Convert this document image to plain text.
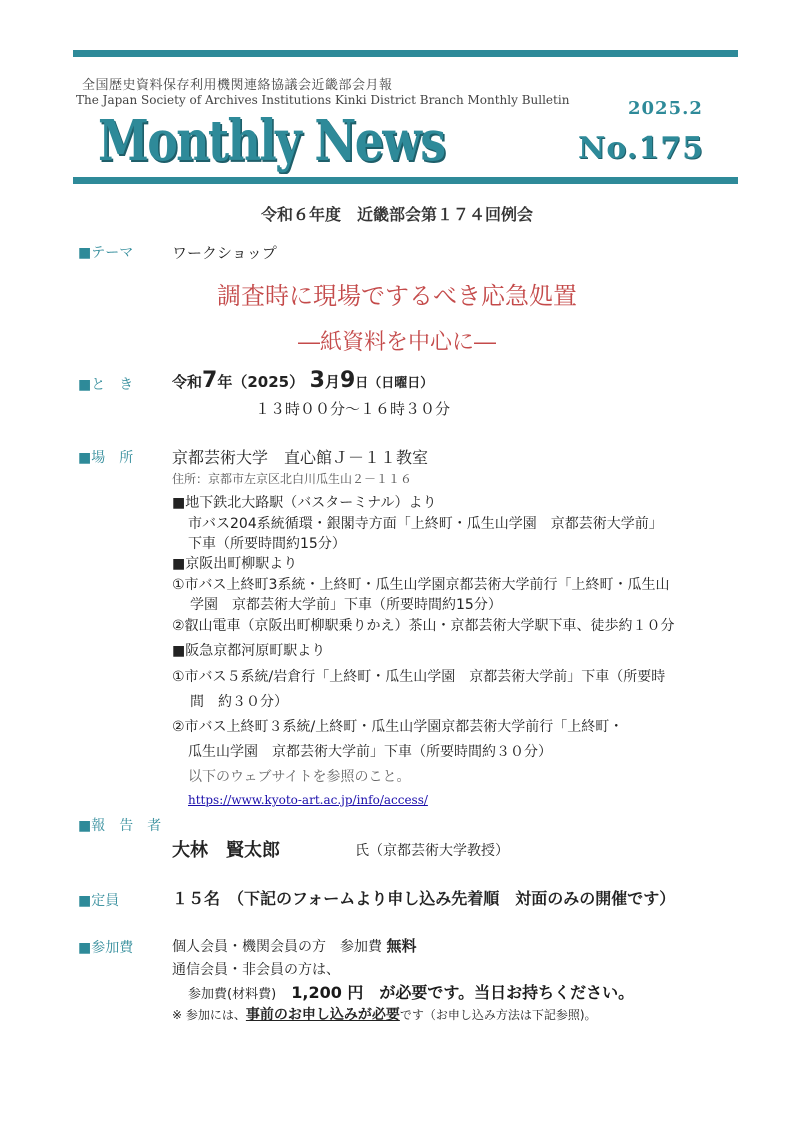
全国歴史資料保存利用機関連絡協議会近畿部会月報
The Japan Society of Archives Institutions Kinki District Branch Monthly Bulletin
Monthly News	2025.2
No.175
令和６年度　近畿部会第１７４回例会
■テーマ	ワークショップ
調査時に現場でするべき応急処置
―紙資料を中心に―
■と　き	令和7年（2025） 3月9日（日曜日）
１３時００分～１６時３０分
■場　所 京都芸術大学　直心館Ｊ－１１教室
住所：京都市左京区北白川瓜生山２－１１６
■地下鉄北大路駅（バスターミナル）より
市バス204系統循環・銀閣寺方面「上終町・瓜生山学園　京都芸術大学前」
下車（所要時間約15分）
■京阪出町柳駅より
①市バス上終町3系統・上終町・瓜生山学園京都芸術大学前行「上終町・瓜生山
学園　京都芸術大学前」下車（所要時間約15分）
②叡山電車（京阪出町柳駅乗りかえ）茶山・京都芸術大学駅下車、徒歩約１０分
■阪急京都河原町駅より
①市バス５系統/岩倉行「上終町・瓜生山学園　京都芸術大学前」下車（所要時
間　約３０分）
②市バス上終町３系統/上終町・瓜生山学園京都芸術大学前行「上終町・
瓜生山学園　京都芸術大学前」下車（所要時間約３０分）
以下のウェブサイトを参照のこと。
https://www.kyoto-art.ac.jp/info/access/
■報　告　者
大林　賢太郎	氏（京都芸術大学教授）
■定員	１５名　（下記のフォームより申し込み先着順　対面のみの開催です）
■参加費	個人会員・機関会員の方　参加費 無料
通信会員・非会員の方は、
参加費(材料費) 1,200 円　が必要です。当日お持ちください。
※ 参加には、事前のお申し込みが必要です（お申し込み方法は下記参照)。
